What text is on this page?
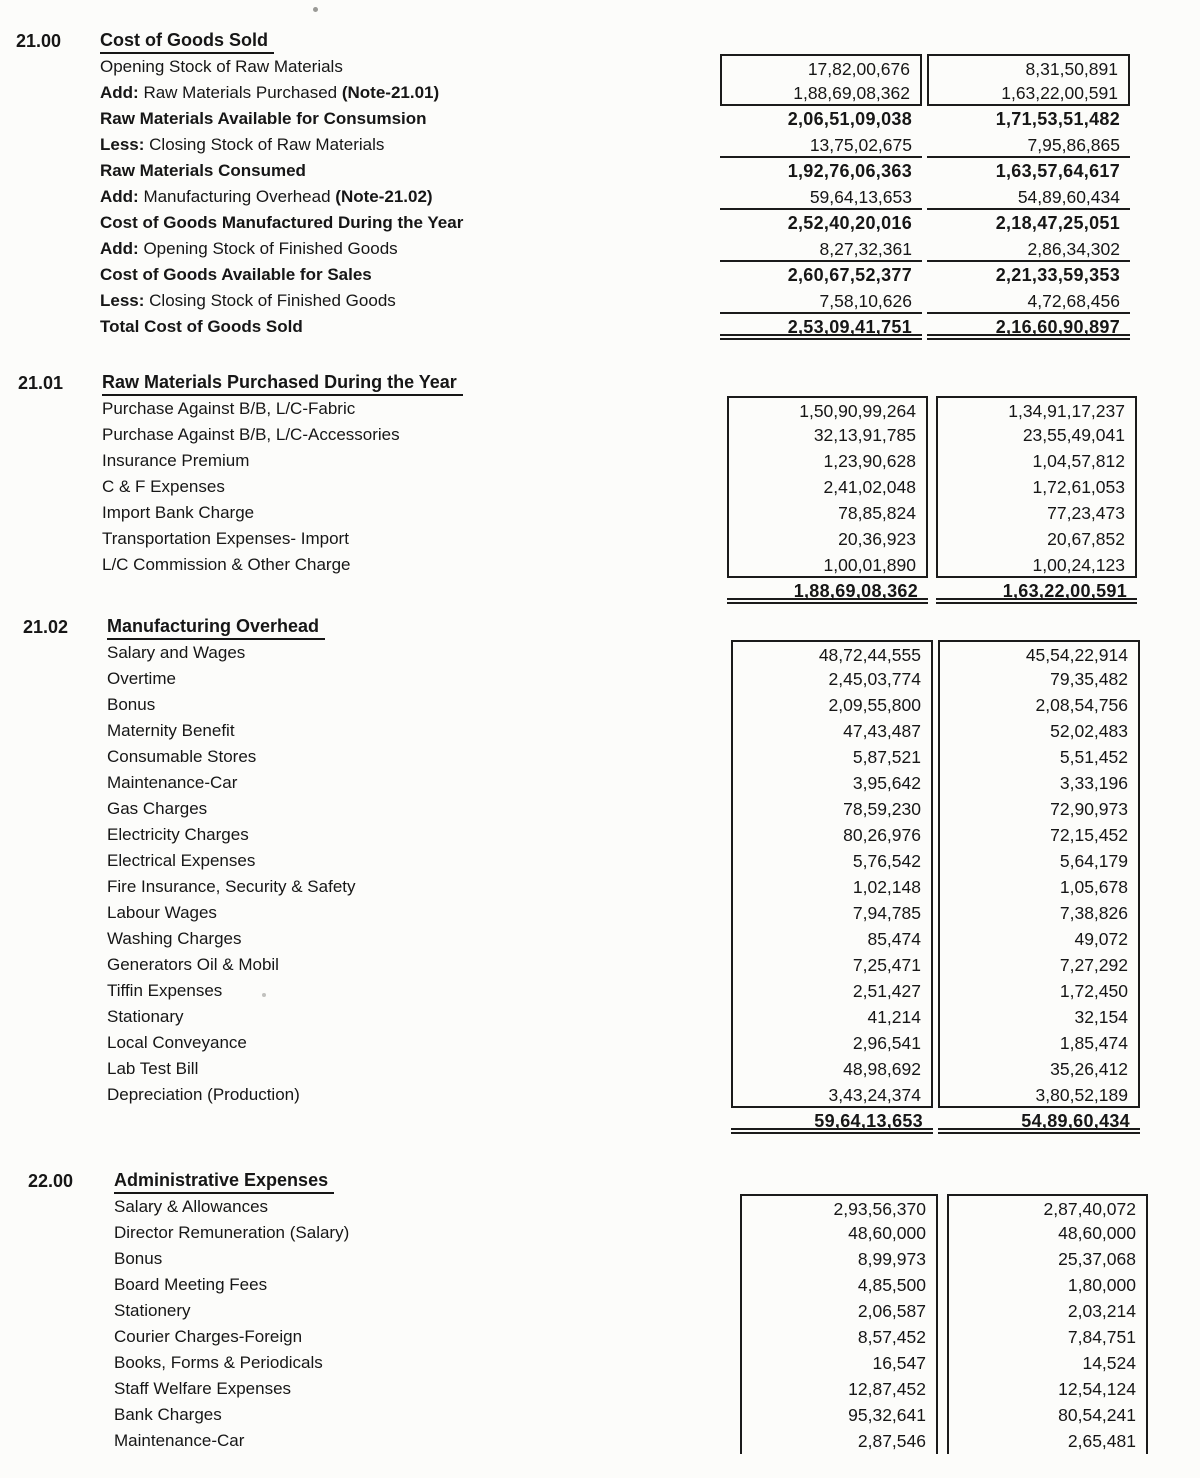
21.00 Cost of Goods Sold
Opening Stock of Raw Materials	17,82,00,676	8,31,50,891
Add: Raw Materials Purchased (Note-21.01)	1,88,69,08,362	1,63,22,00,591
Raw Materials Available for Consumsion	2,06,51,09,038	1,71,53,51,482
Less: Closing Stock of Raw Materials	13,75,02,675	7,95,86,865
Raw Materials Consumed	1,92,76,06,363	1,63,57,64,617
Add: Manufacturing Overhead (Note-21.02)	59,64,13,653	54,89,60,434
Cost of Goods Manufactured During the Year	2,52,40,20,016	2,18,47,25,051
Add: Opening Stock of Finished Goods	8,27,32,361	2,86,34,302
Cost of Goods Available for Sales	2,60,67,52,377	2,21,33,59,353
Less: Closing Stock of Finished Goods	7,58,10,626	4,72,68,456
Total Cost of Goods Sold	2,53,09,41,751	2,16,60,90,897
21.01 Raw Materials Purchased During the Year
Purchase Against B/B, L/C-Fabric	1,50,90,99,264	1,34,91,17,237
Purchase Against B/B, L/C-Accessories	32,13,91,785	23,55,49,041
Insurance Premium	1,23,90,628	1,04,57,812
C & F Expenses	2,41,02,048	1,72,61,053
Import Bank Charge	78,85,824	77,23,473
Transportation Expenses- Import	20,36,923	20,67,852
L/C Commission & Other Charge	1,00,01,890	1,00,24,123
1,88,69,08,362	1,63,22,00,591
21.02 Manufacturing Overhead
Salary and Wages	48,72,44,555	45,54,22,914
Overtime	2,45,03,774	79,35,482
Bonus	2,09,55,800	2,08,54,756
Maternity Benefit	47,43,487	52,02,483
Consumable Stores	5,87,521	5,51,452
Maintenance-Car	3,95,642	3,33,196
Gas Charges	78,59,230	72,90,973
Electricity Charges	80,26,976	72,15,452
Electrical Expenses	5,76,542	5,64,179
Fire Insurance, Security & Safety	1,02,148	1,05,678
Labour Wages	7,94,785	7,38,826
Washing Charges	85,474	49,072
Generators Oil & Mobil	7,25,471	7,27,292
Tiffin Expenses	2,51,427	1,72,450
Stationary	41,214	32,154
Local Conveyance	2,96,541	1,85,474
Lab Test Bill	48,98,692	35,26,412
Depreciation (Production)	3,43,24,374	3,80,52,189
59,64,13,653	54,89,60,434
22.00 Administrative Expenses
Salary & Allowances	2,93,56,370	2,87,40,072
Director Remuneration (Salary)	48,60,000	48,60,000
Bonus	8,99,973	25,37,068
Board Meeting Fees	4,85,500	1,80,000
Stationery	2,06,587	2,03,214
Courier Charges-Foreign	8,57,452	7,84,751
Books, Forms & Periodicals	16,547	14,524
Staff Welfare Expenses	12,87,452	12,54,124
Bank Charges	95,32,641	80,54,241
Maintenance-Car	2,87,546	2,65,481
